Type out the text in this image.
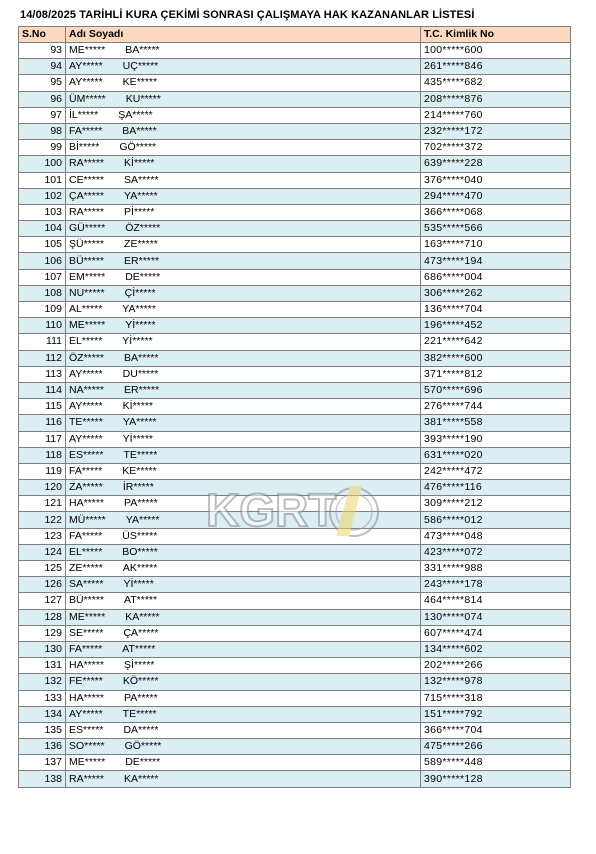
14/08/2025 TARİHLİ KURA ÇEKİMİ SONRASI ÇALIŞMAYA HAK KAZANANLAR LİSTESİ
S.No	Adı Soyadı	T.C. Kimlik No
93	ME***** BA*****	100*****600
94	AY***** UÇ*****	261*****846
95	AY***** KE*****	435*****682
96	ÜM***** KU*****	208*****876
97	İL***** ŞA*****	214*****760
98	FA***** BA*****	232*****172
99	Bİ***** GÖ*****	702*****372
100	RA***** Kİ*****	639*****228
101	CE***** SA*****	376*****040
102	ÇA***** YA*****	294*****470
103	RA***** Pİ*****	366*****068
104	GÜ***** ÖZ*****	535*****566
105	ŞÜ***** ZE*****	163*****710
106	BÜ***** ER*****	473*****194
107	EM***** DE*****	686*****004
108	NU***** Çİ*****	306*****262
109	AL***** YA*****	136*****704
110	ME***** Yİ*****	196*****452
111	EL***** Yİ*****	221*****642
112	ÖZ***** BA*****	382*****600
113	AY***** DU*****	371*****812
114	NA***** ER*****	570*****696
115	AY***** Kİ*****	276*****744
116	TE***** YA*****	381*****558
117	AY***** Yİ*****	393*****190
118	ES***** TE*****	631*****020
119	FA***** KE*****	242*****472
120	ZA***** İR*****	476*****116
121	HA***** PA*****	309*****212
122	MÜ***** YA*****	586*****012
123	FA***** ÜS*****	473*****048
124	EL***** BO*****	423*****072
125	ZE***** AK*****	331*****988
126	SA***** Yİ*****	243*****178
127	BÜ***** AT*****	464*****814
128	ME***** KA*****	130*****074
129	SE***** ÇA*****	607*****474
130	FA***** AT*****	134*****602
131	HA***** Şİ*****	202*****266
132	FE***** KÖ*****	132*****978
133	HA***** PA*****	715*****318
134	AY***** TE*****	151*****792
135	ES***** DA*****	366*****704
136	SO***** GÖ*****	475*****266
137	ME***** DE*****	589*****448
138	RA***** KA*****	390*****128
KGRT
